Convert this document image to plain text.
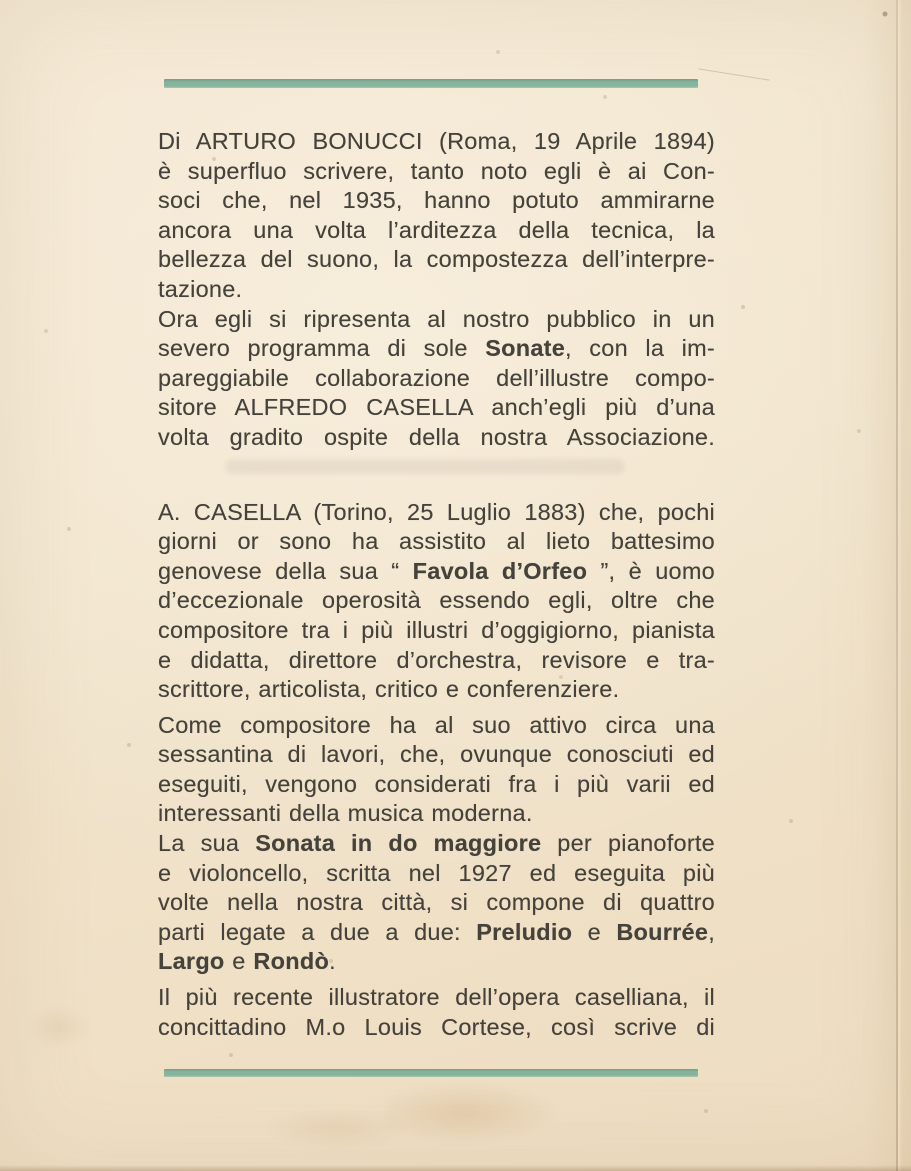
Di ARTURO BONUCCI (Roma, 19 Aprile 1894)
è superfluo scrivere, tanto noto egli è ai Con-
soci che, nel 1935, hanno potuto ammirarne
ancora una volta l’arditezza della tecnica, la
bellezza del suono, la compostezza dell’interpre-
tazione.
Ora egli si ripresenta al nostro pubblico in un
severo programma di sole Sonate, con la im-
pareggiabile collaborazione dell’illustre compo-
sitore ALFREDO CASELLA anch’egli più d’una
volta gradito ospite della nostra Associazione.
A. CASELLA (Torino, 25 Luglio 1883) che, pochi
giorni or sono ha assistito al lieto battesimo
genovese della sua “ Favola d’Orfeo ”, è uomo
d’eccezionale operosità essendo egli, oltre che
compositore tra i più illustri d’oggigiorno, pianista
e didatta, direttore d’orchestra, revisore e tra-
scrittore, articolista, critico e conferenziere.
Come compositore ha al suo attivo circa una
sessantina di lavori, che, ovunque conosciuti ed
eseguiti, vengono considerati fra i più varii ed
interessanti della musica moderna.
La sua Sonata in do maggiore per pianoforte
e violoncello, scritta nel 1927 ed eseguita più
volte nella nostra città, si compone di quattro
parti legate a due a due: Preludio e Bourrée,
Largo e Rondò.
Il più recente illustratore dell’opera caselliana, il
concittadino M.o Louis Cortese, così scrive di
